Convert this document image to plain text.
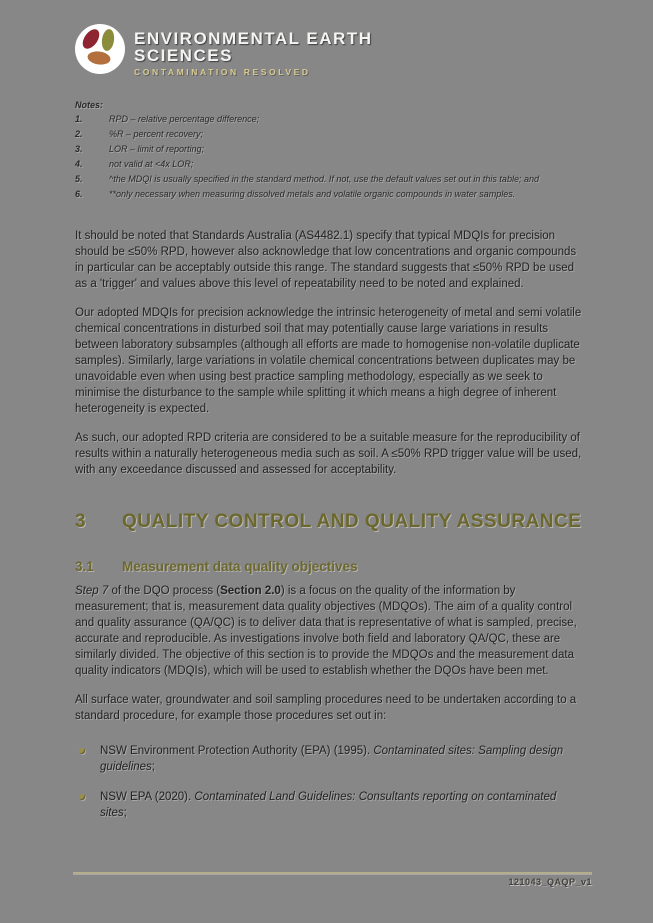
ENVIRONMENTAL EARTH
SCIENCES
CONTAMINATION RESOLVED
Notes:
1.	RPD – relative percentage difference;
2.	%R – percent recovery;
3.	LOR – limit of reporting;
4.	not valid at <4x LOR;
5.	^the MDQI is usually specified in the standard method. If not, use the default values set out in this table; and
6.	**only necessary when measuring dissolved metals and volatile organic compounds in water samples.

It should be noted that Standards Australia (AS4482.1) specify that typical MDQIs for precision should be ≤50% RPD, however also acknowledge that low concentrations and organic compounds in particular can be acceptably outside this range. The standard suggests that ≤50% RPD be used as a 'trigger' and values above this level of repeatability need to be noted and explained.

Our adopted MDQIs for precision acknowledge the intrinsic heterogeneity of metal and semi volatile chemical concentrations in disturbed soil that may potentially cause large variations in results between laboratory subsamples (although all efforts are made to homogenise non-volatile duplicate samples). Similarly, large variations in volatile chemical concentrations between duplicates may be unavoidable even when using best practice sampling methodology, especially as we seek to minimise the disturbance to the sample while splitting it which means a high degree of inherent heterogeneity is expected.

As such, our adopted RPD criteria are considered to be a suitable measure for the reproducibility of results within a naturally heterogeneous media such as soil. A ≤50% RPD trigger value will be used, with any exceedance discussed and assessed for acceptability.

3	QUALITY CONTROL AND QUALITY ASSURANCE
3.1	Measurement data quality objectives

Step 7 of the DQO process (Section 2.0) is a focus on the quality of the information by measurement; that is, measurement data quality objectives (MDQOs). The aim of a quality control and quality assurance (QA/QC) is to deliver data that is representative of what is sampled, precise, accurate and reproducible. As investigations involve both field and laboratory QA/QC, these are similarly divided. The objective of this section is to provide the MDQOs and the measurement data quality indicators (MDQIs), which will be used to establish whether the DQOs have been met.

All surface water, groundwater and soil sampling procedures need to be undertaken according to a standard procedure, for example those procedures set out in:

NSW Environment Protection Authority (EPA) (1995). Contaminated sites: Sampling design guidelines;
NSW EPA (2020). Contaminated Land Guidelines: Consultants reporting on contaminated sites;
121043_QAQP_v1
